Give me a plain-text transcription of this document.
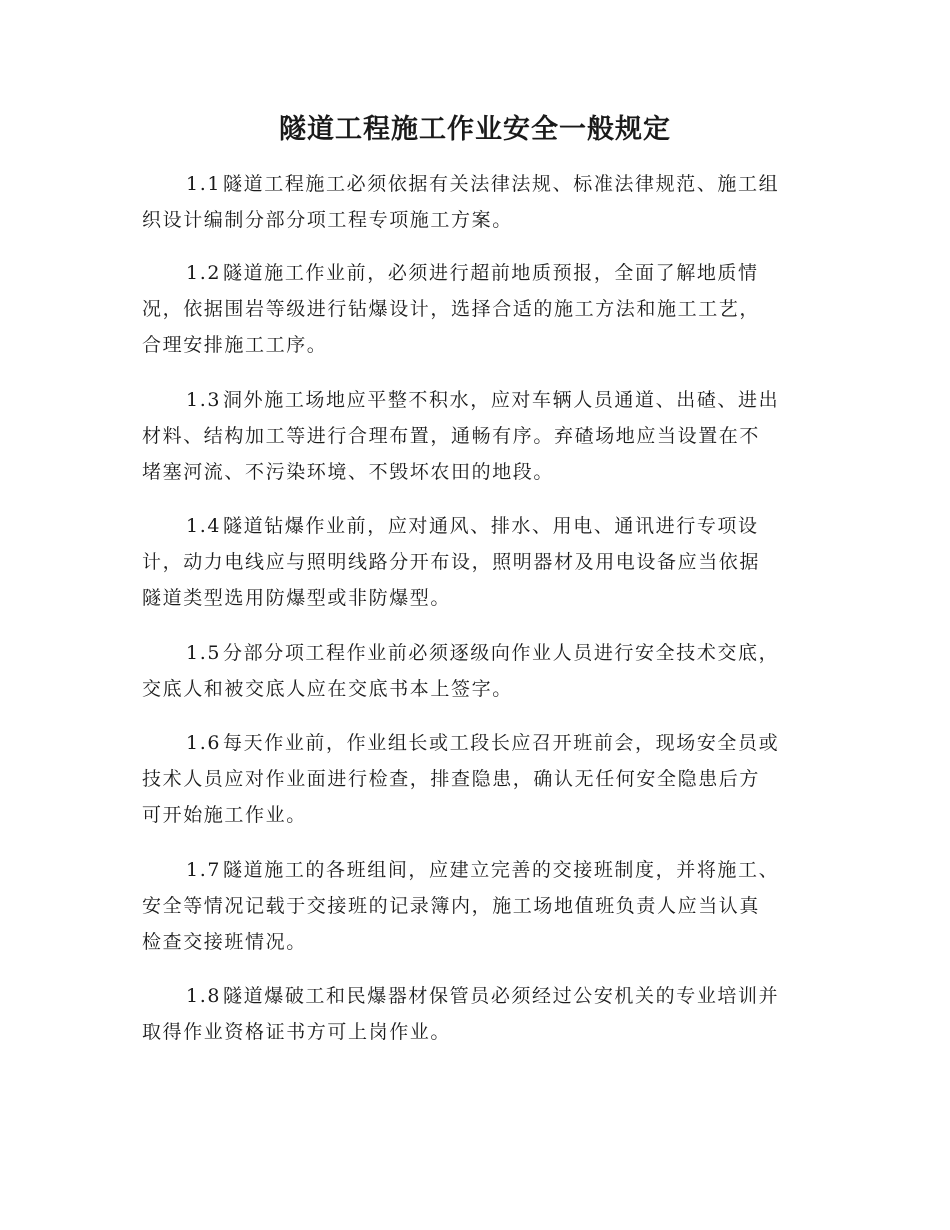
隧道工程施工作业安全一般规定
1.1 隧道工程施工必须依据有关法律法规、标准法律规范、施工组
织设计编制分部分项工程专项施工方案。
1.2 隧道施工作业前，必须进行超前地质预报，全面了解地质情
况，依据围岩等级进行钻爆设计，选择合适的施工方法和施工工艺，
合理安排施工工序。
1.3 洞外施工场地应平整不积水，应对车辆人员通道、出碴、进出
材料、结构加工等进行合理布置，通畅有序。弃碴场地应当设置在不
堵塞河流、不污染环境、不毁坏农田的地段。
1.4 隧道钻爆作业前，应对通风、排水、用电、通讯进行专项设
计，动力电线应与照明线路分开布设，照明器材及用电设备应当依据
隧道类型选用防爆型或非防爆型。
1.5 分部分项工程作业前必须逐级向作业人员进行安全技术交底，
交底人和被交底人应在交底书本上签字。
1.6 每天作业前，作业组长或工段长应召开班前会，现场安全员或
技术人员应对作业面进行检查，排查隐患，确认无任何安全隐患后方
可开始施工作业。
1.7 隧道施工的各班组间，应建立完善的交接班制度，并将施工、
安全等情况记载于交接班的记录簿内，施工场地值班负责人应当认真
检查交接班情况。
1.8 隧道爆破工和民爆器材保管员必须经过公安机关的专业培训并
取得作业资格证书方可上岗作业。
